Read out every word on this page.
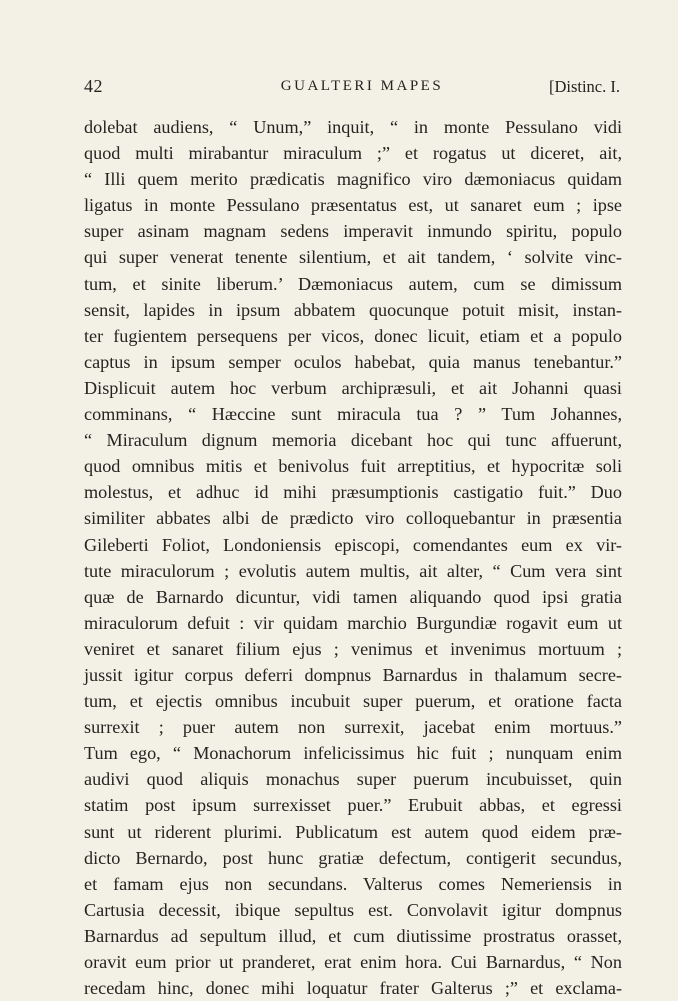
42	GUALTERI MAPES	[Distinc. I.
dolebat audiens, “ Unum,” inquit, “ in monte Pessulano vidi
quod multi mirabantur miraculum ;” et rogatus ut diceret, ait,
“ Illi quem merito prædicatis magnifico viro dæmoniacus quidam
ligatus in monte Pessulano præsentatus est, ut sanaret eum ; ipse
super asinam magnam sedens imperavit inmundo spiritu, populo
qui super venerat tenente silentium, et ait tandem, ‘ solvite vinc-
tum, et sinite liberum.’ Dæmoniacus autem, cum se dimissum
sensit, lapides in ipsum abbatem quocunque potuit misit, instan-
ter fugientem persequens per vicos, donec licuit, etiam et a populo
captus in ipsum semper oculos habebat, quia manus tenebantur.”
Displicuit autem hoc verbum archipræsuli, et ait Johanni quasi
comminans, “ Hæccine sunt miracula tua ? ” Tum Johannes,
“ Miraculum dignum memoria dicebant hoc qui tunc affuerunt,
quod omnibus mitis et benivolus fuit arreptitius, et hypocritæ soli
molestus, et adhuc id mihi præsumptionis castigatio fuit.” Duo
similiter abbates albi de prædicto viro colloquebantur in præsentia
Gileberti Foliot, Londoniensis episcopi, comendantes eum ex vir-
tute miraculorum ; evolutis autem multis, ait alter, “ Cum vera sint
quæ de Barnardo dicuntur, vidi tamen aliquando quod ipsi gratia
miraculorum defuit : vir quidam marchio Burgundiæ rogavit eum ut
veniret et sanaret filium ejus ; venimus et invenimus mortuum ;
jussit igitur corpus deferri dompnus Barnardus in thalamum secre-
tum, et ejectis omnibus incubuit super puerum, et oratione facta
surrexit ; puer autem non surrexit, jacebat enim mortuus.”
Tum ego, “ Monachorum infelicissimus hic fuit ; nunquam enim
audivi quod aliquis monachus super puerum incubuisset, quin
statim post ipsum surrexisset puer.” Erubuit abbas, et egressi
sunt ut riderent plurimi. Publicatum est autem quod eidem præ-
dicto Bernardo, post hunc gratiæ defectum, contigerit secundus,
et famam ejus non secundans. Valterus comes Nemeriensis in
Cartusia decessit, ibique sepultus est. Convolavit igitur dompnus
Barnardus ad sepultum illud, et cum diutissime prostratus orasset,
oravit eum prior ut pranderet, erat enim hora. Cui Barnardus, “ Non
recedam hinc, donec mihi loquatur frater Galterus ;” et exclama-
